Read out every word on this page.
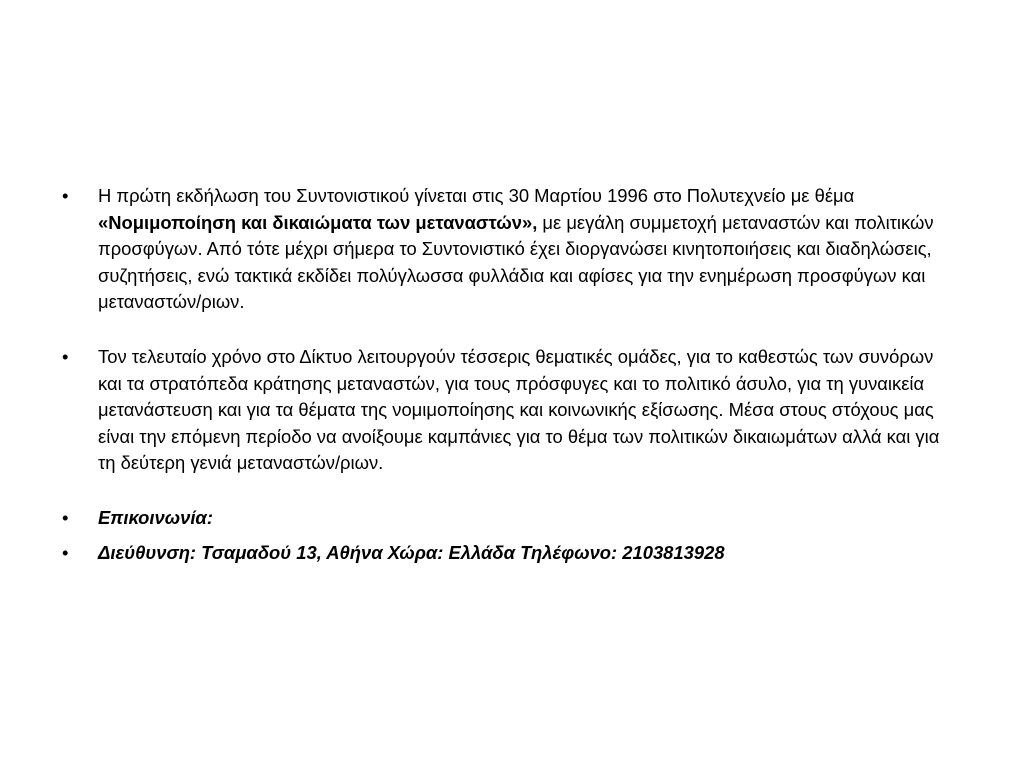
•	Η πρώτη εκδήλωση του Συντονιστικού γίνεται στις 30 Μαρτίου 1996 στο Πολυτεχνείο με θέμα «Νομιμοποίηση και δικαιώματα των μεταναστών», με μεγάλη συμμετοχή μεταναστών και πολιτικών προσφύγων. Από τότε μέχρι σήμερα το Συντονιστικό έχει διοργανώσει κινητοποιήσεις και διαδηλώσεις, συζητήσεις, ενώ τακτικά εκδίδει πολύγλωσσα φυλλάδια και αφίσες για την ενημέρωση προσφύγων και μεταναστών/ριων.
•	Τον τελευταίο χρόνο στο Δίκτυο λειτουργούν τέσσερις θεματικές ομάδες, για το καθεστώς των συνόρων και τα στρατόπεδα κράτησης μεταναστών, για τους πρόσφυγες και το πολιτικό άσυλο, για τη γυναικεία μετανάστευση και για τα θέματα της νομιμοποίησης και κοινωνικής εξίσωσης. Μέσα στους στόχους μας είναι την επόμενη περίοδο να ανοίξουμε καμπάνιες για το θέμα των πολιτικών δικαιωμάτων αλλά και για τη δεύτερη γενιά μεταναστών/ριων.
•	Επικοινωνία:
•	Διεύθυνση: Τσαμαδού 13, Αθήνα Χώρα: Ελλάδα Τηλέφωνο: 2103813928
